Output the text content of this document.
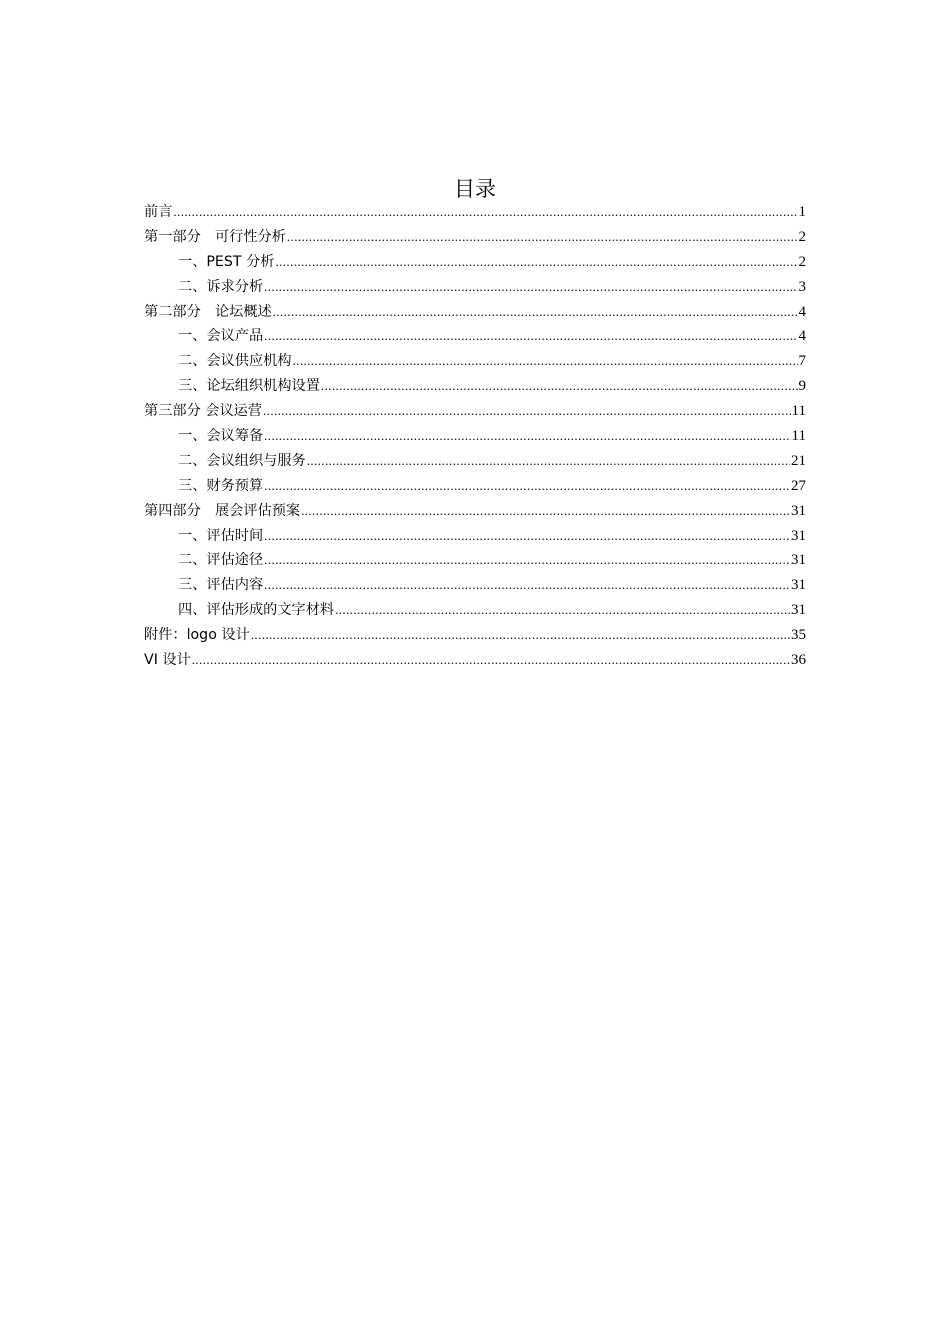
目录
前言 .....	1
第一部分　可行性分析 .....	2
一、PEST 分析 .....	2
二、诉求分析 .....	3
第二部分　论坛概述 .....	4
一、会议产品 .....	4
二、会议供应机构 .....	7
三、论坛组织机构设置 .....	9
第三部分 会议运营 .....	11
一、会议筹备 .....	11
二、会议组织与服务 .....	21
三、财务预算 .....	27
第四部分　展会评估预案 .....	31
一、评估时间 .....	31
二、评估途径 .....	31
三、评估内容 .....	31
四、评估形成的文字材料 .....	31
附件：logo 设计 .....	35
VI 设计 .....	36
